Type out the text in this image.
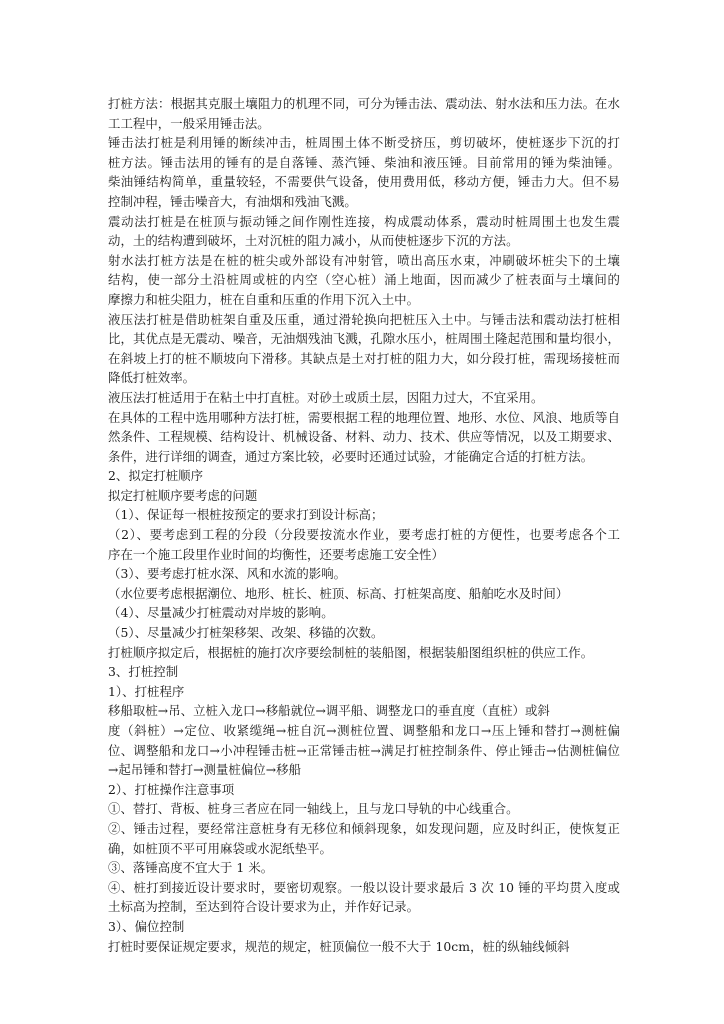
打桩方法：根据其克服土壤阻力的机理不同，可分为锤击法、震动法、射水法和压力法。在水
工工程中，一般采用锤击法。
锤击法打桩是利用锤的断续冲击，桩周围土体不断受挤压，剪切破坏，使桩逐步下沉的打
桩方法。锤击法用的锤有的是自落锤、蒸汽锤、柴油和液压锤。目前常用的锤为柴油锤。
柴油锤结构简单，重量较轻，不需要供气设备，使用费用低，移动方便，锤击力大。但不易
控制冲程，锤击噪音大，有油烟和残油飞溅。
震动法打桩是在桩顶与振动锤之间作刚性连接，构成震动体系，震动时桩周围土也发生震
动，土的结构遭到破坏，土对沉桩的阻力减小，从而使桩逐步下沉的方法。
射水法打桩方法是在桩的桩尖或外部设有冲射管，喷出高压水束，冲刷破坏桩尖下的土壤
结构，使一部分土沿桩周或桩的内空（空心桩）涌上地面，因而减少了桩表面与土壤间的
摩擦力和桩尖阻力，桩在自重和压重的作用下沉入土中。
液压法打桩是借助桩架自重及压重，通过滑轮换向把桩压入土中。与锤击法和震动法打桩相
比，其优点是无震动、噪音，无油烟残油飞溅，孔隙水压小，桩周围土隆起范围和量均很小，
在斜坡上打的桩不顺坡向下滑移。其缺点是土对打桩的阻力大，如分段打桩，需现场接桩而
降低打桩效率。
液压法打桩适用于在粘土中打直桩。对砂土或质土层，因阻力过大，不宜采用。
在具体的工程中选用哪种方法打桩，需要根据工程的地理位置、地形、水位、风浪、地质等自
然条件、工程规模、结构设计、机械设备、材料、动力、技术、供应等情况，以及工期要求、
条件，进行详细的调查，通过方案比较，必要时还通过试验，才能确定合适的打桩方法。
2、拟定打桩顺序
拟定打桩顺序要考虑的问题
（1）、保证每一根桩按预定的要求打到设计标高；
（2）、要考虑到工程的分段（分段要按流水作业，要考虑打桩的方便性，也要考虑各个工
序在一个施工段里作业时间的均衡性，还要考虑施工安全性）
（3）、要考虑打桩水深、风和水流的影响。
（水位要考虑根据潮位、地形、桩长、桩顶、标高、打桩架高度、船舶吃水及时间）
（4）、尽量减少打桩震动对岸坡的影响。
（5）、尽量减少打桩架移架、改架、移锚的次数。
打桩顺序拟定后，根据桩的施打次序要绘制桩的装船图，根据装船图组织桩的供应工作。
3、打桩控制
1）、打桩程序
移船取桩→吊、立桩入龙口→移船就位→调平船、调整龙口的垂直度（直桩）或斜
度（斜桩）→定位、收紧缆绳→桩自沉→测桩位置、调整船和龙口→压上锤和替打→测桩偏
位、调整船和龙口→小冲程锤击桩→正常锤击桩→满足打桩控制条件、停止锤击→估测桩偏位
→起吊锤和替打→测量桩偏位→移船
2）、打桩操作注意事项
①、替打、背板、桩身三者应在同一轴线上，且与龙口导轨的中心线重合。
②、锤击过程，要经常注意桩身有无移位和倾斜现象，如发现问题，应及时纠正，使恢复正
确，如桩顶不平可用麻袋或水泥纸垫平。
③、落锤高度不宜大于 1 米。
④、桩打到接近设计要求时，要密切观察。一般以设计要求最后 3 次 10 锤的平均贯入度或
土标高为控制，至达到符合设计要求为止，并作好记录。
3）、偏位控制
打桩时要保证规定要求，规范的规定，桩顶偏位一般不大于 10cm，桩的纵轴线倾斜
